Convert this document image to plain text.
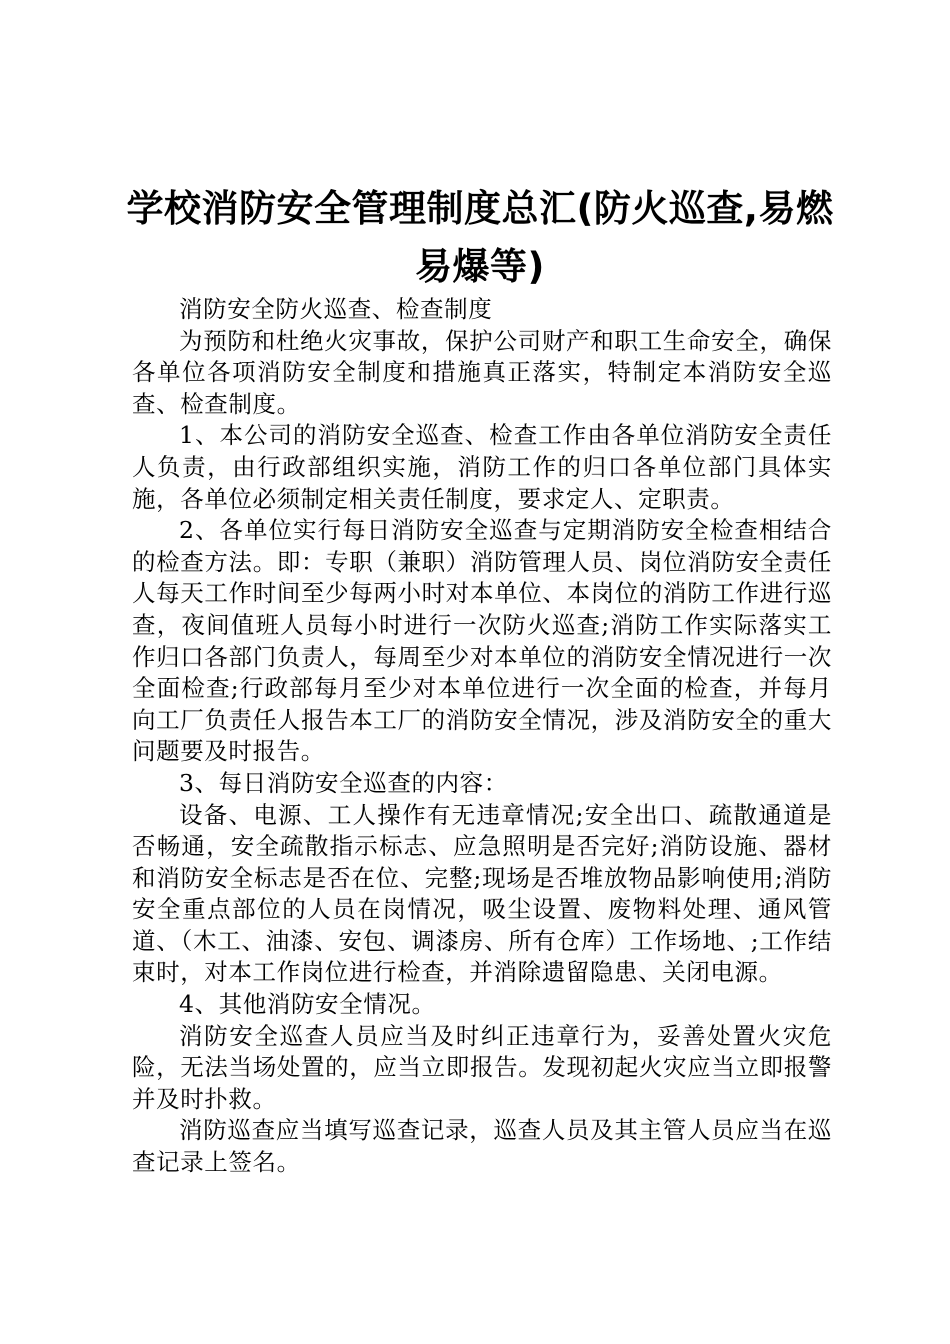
学校消防安全管理制度总汇(防火巡查,易燃易爆等)

消防安全防火巡查、检查制度

为预防和杜绝火灾事故，保护公司财产和职工生命安全，确保各单位各项消防安全制度和措施真正落实，特制定本消防安全巡查、检查制度。

1、本公司的消防安全巡查、检查工作由各单位消防安全责任人负责，由行政部组织实施，消防工作的归口各单位部门具体实施，各单位必须制定相关责任制度，要求定人、定职责。

2、各单位实行每日消防安全巡查与定期消防安全检查相结合的检查方法。即：专职（兼职）消防管理人员、岗位消防安全责任人每天工作时间至少每两小时对本单位、本岗位的消防工作进行巡查，夜间值班人员每小时进行一次防火巡查;消防工作实际落实工作归口各部门负责人，每周至少对本单位的消防安全情况进行一次全面检查;行政部每月至少对本单位进行一次全面的检查，并每月向工厂负责任人报告本工厂的消防安全情况，涉及消防安全的重大问题要及时报告。

3、每日消防安全巡查的内容：

设备、电源、工人操作有无违章情况;安全出口、疏散通道是否畅通，安全疏散指示标志、应急照明是否完好;消防设施、器材和消防安全标志是否在位、完整;现场是否堆放物品影响使用;消防安全重点部位的人员在岗情况，吸尘设置、废物料处理、通风管道、（木工、油漆、安包、调漆房、所有仓库）工作场地、;工作结束时，对本工作岗位进行检查，并消除遗留隐患、关闭电源。

4、其他消防安全情况。

消防安全巡查人员应当及时纠正违章行为，妥善处置火灾危险，无法当场处置的，应当立即报告。发现初起火灾应当立即报警并及时扑救。

消防巡查应当填写巡查记录，巡查人员及其主管人员应当在巡查记录上签名。
